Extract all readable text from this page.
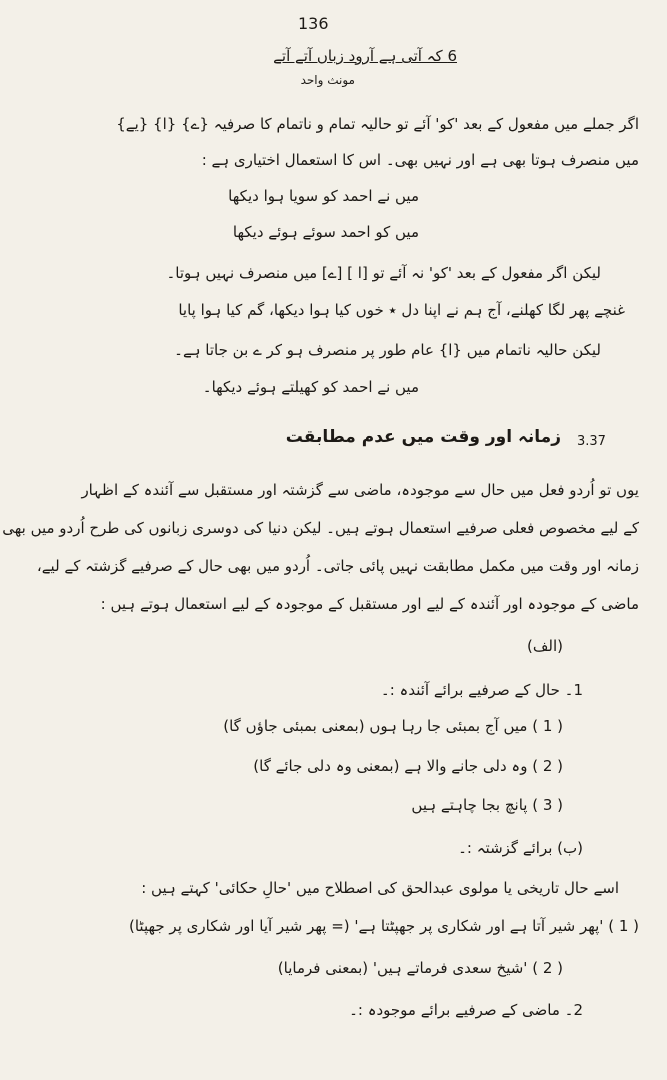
136
6 کہ آتی ہے آرود زباں آتے آتے
مونث واحد
اگر جملے میں مفعول کے بعد 'کو' آئے تو حالیہ تمام و ناتمام کا صرفیہ {ے} {ا} {یے}
میں منصرف ہوتا بھی ہے اور نہیں بھی۔ اس کا استعمال اختیاری ہے :
میں نے احمد کو سویا ہوا دیکھا
میں کو احمد سوئے ہوئے دیکھا
لیکن اگر مفعول کے بعد 'کو' نہ آئے تو [ا ] [ے] میں منصرف نہیں ہوتا۔
غنچے پھر لگا کھلنے، آج ہم نے اپنا دل ٭ خوں کیا ہوا دیکھا، گم کیا ہوا پایا
لیکن حالیہ ناتمام میں {ا} عام طور پر منصرف ہو کر ے بن جاتا ہے۔
میں نے احمد کو کھیلتے ہوئے دیکھا۔
3.37
زمانہ اور وقت میں عدم مطابقت
یوں تو اُردو فعل میں حال سے موجودہ، ماضی سے گزشتہ اور مستقبل سے آئندہ کے اظہار
کے لیے مخصوص فعلی صرفیے استعمال ہوتے ہیں۔ لیکن دنیا کی دوسری زبانوں کی طرح اُردو میں بھی
زمانہ اور وقت میں مکمل مطابقت نہیں پائی جاتی۔ اُردو میں بھی حال کے صرفیے گزشتہ کے لیے،
ماضی کے موجودہ اور آئندہ کے لیے اور مستقبل کے موجودہ کے لیے استعمال ہوتے ہیں :
(الف)
1۔ حال کے صرفیے برائے آئندہ :۔
( 1 ) میں آج بمبئی جا رہا ہوں (بمعنی بمبئی جاؤں گا)
( 2 ) وہ دلی جانے والا ہے (بمعنی وہ دلی جائے گا)
( 3 ) پانچ بجا چاہتے ہیں
(ب) برائے گزشتہ :۔
اسے حال تاریخی یا مولوی عبدالحق کی اصطلاح میں 'حالِ حکائی' کہتے ہیں :
( 1 ) 'پھر شیر آتا ہے اور شکاری پر جھپٹتا ہے' (= پھر شیر آیا اور شکاری پر جھپٹا)
( 2 ) 'شیخ سعدی فرماتے ہیں' (بمعنی فرمایا)
2۔ ماضی کے صرفیے برائے موجودہ :۔
